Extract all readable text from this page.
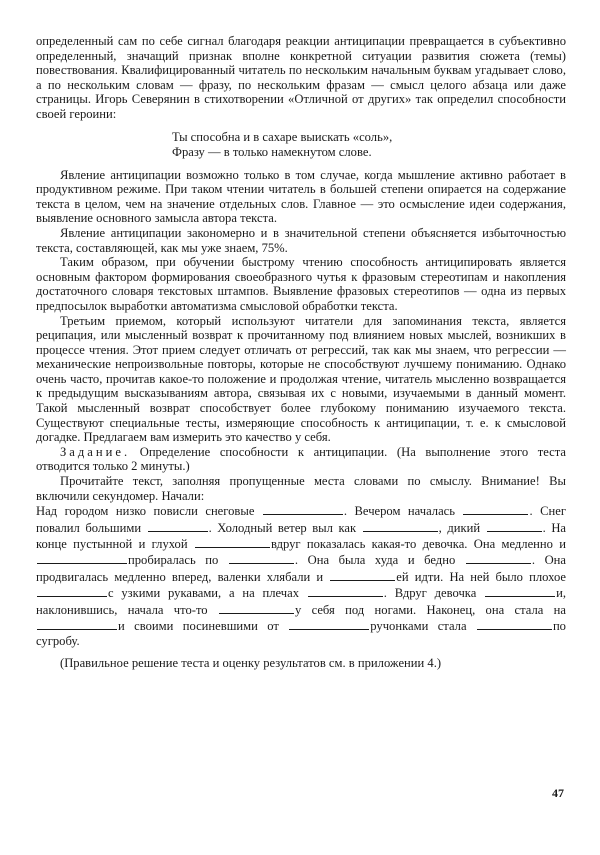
определенный сам по себе сигнал благодаря реакции антиципации превращается в субъективно определенный, значащий признак вполне конкретной ситуации развития сюжета (темы) повествования. Квалифицированный читатель по нескольким начальным буквам угадывает слово, а по нескольким словам — фразу, по нескольким фразам — смысл целого абзаца или даже страницы. Игорь Северянин в стихотворении «Отличной от других» так определил способности своей героини:

Ты способна и в сахаре выискать «соль»,
Фразу — в только намекнутом слове.

Явление антиципации возможно только в том случае, когда мышление активно работает в продуктивном режиме. При таком чтении читатель в большей степени опирается на содержание текста в целом, чем на значение отдельных слов. Главное — это осмысление идеи содержания, выявление основного замысла автора текста.

Явление антиципации закономерно и в значительной степени объясняется избыточностью текста, составляющей, как мы уже знаем, 75%.

Таким образом, при обучении быстрому чтению способность антиципировать является основным фактором формирования своеобразного чутья к фразовым стереотипам и накопления достаточного словаря текстовых штампов. Выявление фразовых стереотипов — одна из первых предпосылок выработки автоматизма смысловой обработки текста.

Третьим приемом, который используют читатели для запоминания текста, является реципация, или мысленный возврат к прочитанному под влиянием новых мыслей, возникших в процессе чтения. Этот прием следует отличать от регрессий, так как мы знаем, что регрессии — механические непроизвольные повторы, которые не способствуют лучшему пониманию. Однако очень часто, прочитав какое-то положение и продолжая чтение, читатель мысленно возвращается к предыдущим высказываниям автора, связывая их с новыми, изучаемыми в данный момент. Такой мысленный возврат способствует более глубокому пониманию изучаемого текста. Существуют специальные тесты, измеряющие способность к антиципации, т. е. к смысловой догадке. Предлагаем вам измерить это качество у себя.

Задание. Определение способности к антиципации. (На выполнение этого теста отводится только 2 минуты.)

Прочитайте текст, заполняя пропущенные места словами по смыслу. Внимание! Вы включили секундомер. Начали:

Над городом низко повисли снеговые	. Вечером началась	. Снег повалил большими	. Холодный ветер выл как	, дикий	. На конце пустынной и глухой	вдруг показалась какая-то девочка. Она медленно и пробиралась по	. Она была худа и бедно	. Она продвигалась медленно вперед, валенки хлябали и	ей идти. На ней было плохое с узкими рукавами, а на плечах	. Вдруг девочка	и, наклонившись, начала что-то	у себя под ногами. Наконец, она стала на и своими посиневшими от	ручонками стала	по сугробу.

(Правильное решение теста и оценку результатов см. в приложении 4.)

47
